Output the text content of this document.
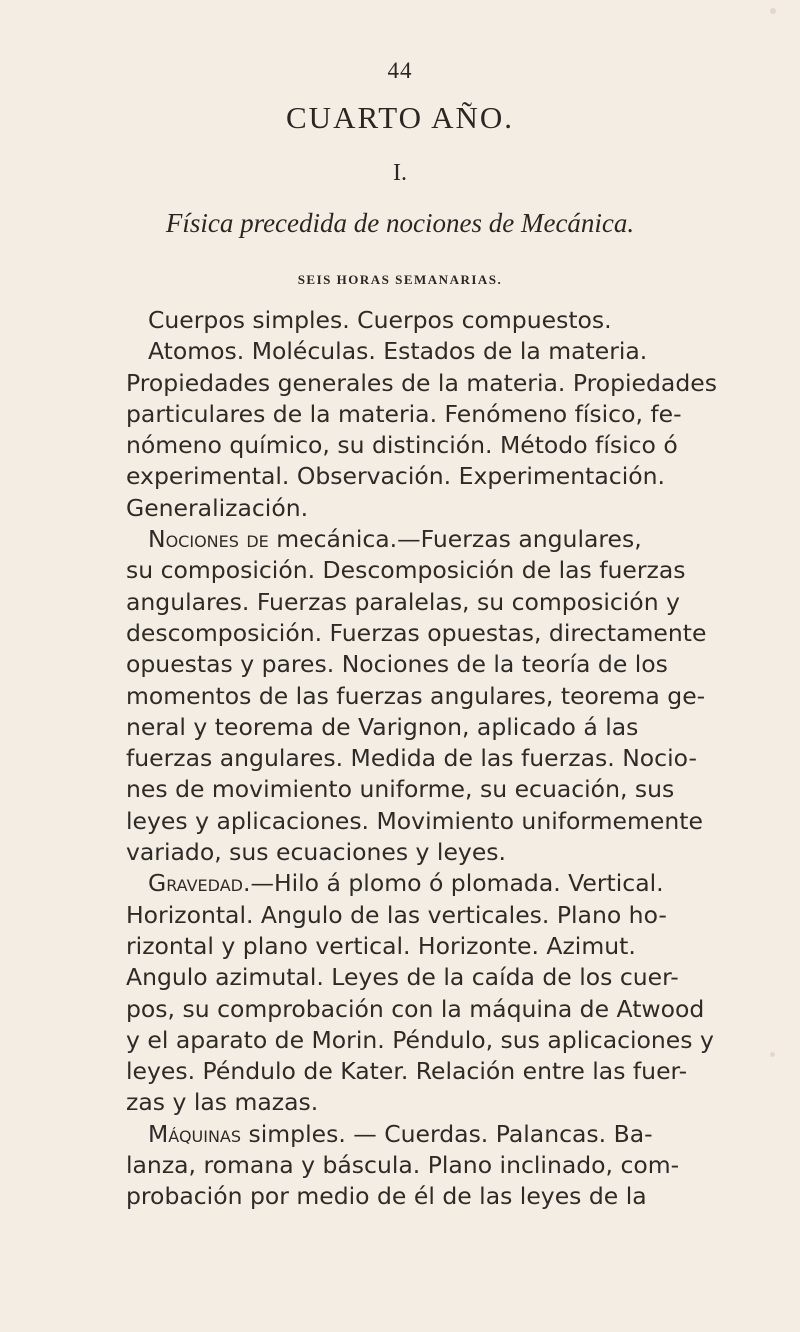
44
CUARTO AÑO.
I.
Física precedida de nociones de Mecánica.
SEIS HORAS SEMANARIAS.
Cuerpos simples. Cuerpos compuestos.
Atomos. Moléculas. Estados de la materia.
Propiedades generales de la materia. Propiedades
particulares de la materia. Fenómeno físico, fe-
nómeno químico, su distinción. Método físico ó
experimental. Observación. Experimentación.
Generalización.
Nociones de mecánica.—Fuerzas angulares,
su composición. Descomposición de las fuerzas
angulares. Fuerzas paralelas, su composición y
descomposición. Fuerzas opuestas, directamente
opuestas y pares. Nociones de la teoría de los
momentos de las fuerzas angulares, teorema ge-
neral y teorema de Varignon, aplicado á las
fuerzas angulares. Medida de las fuerzas. Nocio-
nes de movimiento uniforme, su ecuación, sus
leyes y aplicaciones. Movimiento uniformemente
variado, sus ecuaciones y leyes.
Gravedad.—Hilo á plomo ó plomada. Vertical.
Horizontal. Angulo de las verticales. Plano ho-
rizontal y plano vertical. Horizonte. Azimut.
Angulo azimutal. Leyes de la caída de los cuer-
pos, su comprobación con la máquina de Atwood
y el aparato de Morin. Péndulo, sus aplicaciones y
leyes. Péndulo de Kater. Relación entre las fuer-
zas y las mazas.
Máquinas simples. — Cuerdas. Palancas. Ba-
lanza, romana y báscula. Plano inclinado, com-
probación por medio de él de las leyes de la
